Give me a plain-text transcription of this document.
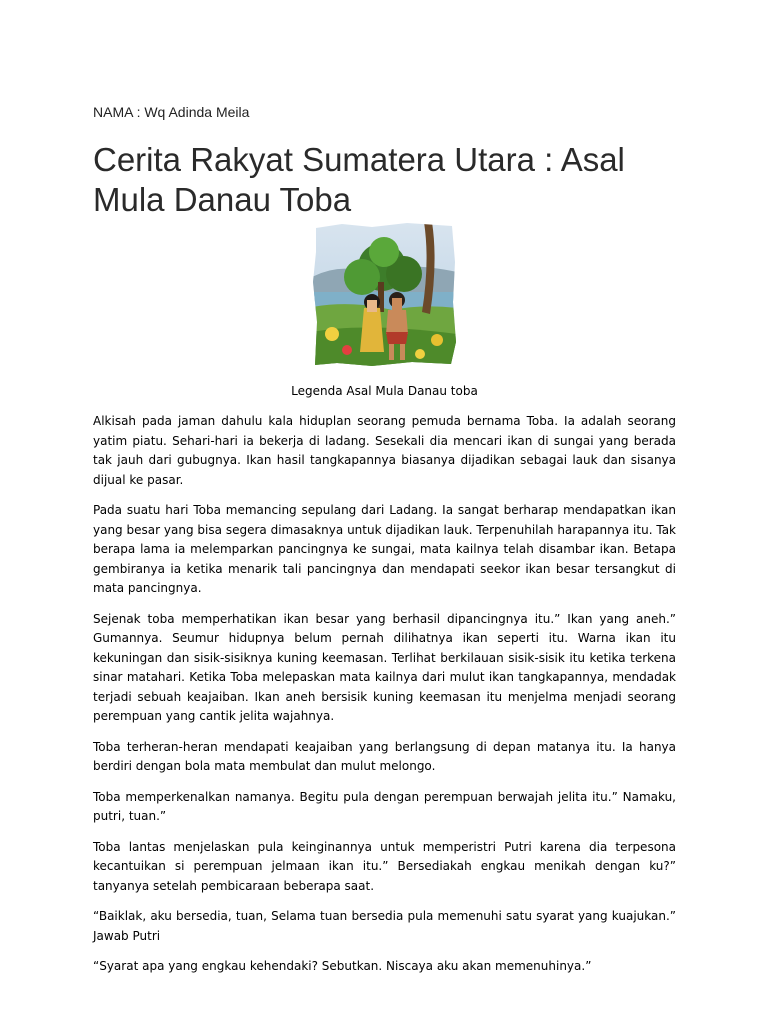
NAMA : Wq Adinda Meila
Cerita Rakyat Sumatera Utara : Asal Mula Danau Toba
Legenda Asal Mula Danau toba

Alkisah pada jaman dahulu kala hiduplan seorang pemuda bernama Toba. Ia adalah seorang yatim piatu. Sehari-hari ia bekerja di ladang. Sesekali dia mencari ikan di sungai yang berada tak jauh dari gubugnya. Ikan hasil tangkapannya biasanya dijadikan sebagai lauk dan sisanya dijual ke pasar.

Pada suatu hari Toba memancing sepulang dari Ladang. Ia sangat berharap mendapatkan ikan yang besar yang bisa segera dimasaknya untuk dijadikan lauk. Terpenuhilah harapannya itu. Tak berapa lama ia melemparkan pancingnya ke sungai, mata kailnya telah disambar ikan. Betapa gembiranya ia ketika menarik tali pancingnya dan mendapati seekor ikan besar tersangkut di mata pancingnya.

Sejenak toba memperhatikan ikan besar yang berhasil dipancingnya itu.” Ikan yang aneh.” Gumannya. Seumur hidupnya belum pernah dilihatnya ikan seperti itu. Warna ikan itu kekuningan dan sisik-sisiknya kuning keemasan. Terlihat berkilauan sisik-sisik itu ketika terkena sinar matahari. Ketika Toba melepaskan mata kailnya dari mulut ikan tangkapannya, mendadak terjadi sebuah keajaiban. Ikan aneh bersisik kuning keemasan itu menjelma menjadi seorang perempuan yang cantik jelita wajahnya.

Toba terheran-heran mendapati keajaiban yang berlangsung di depan matanya itu. Ia hanya berdiri dengan bola mata membulat dan mulut melongo.

Toba memperkenalkan namanya. Begitu pula dengan perempuan berwajah jelita itu.” Namaku, putri, tuan.”

Toba lantas menjelaskan pula keinginannya untuk memperistri Putri karena dia terpesona kecantuikan si perempuan jelmaan ikan itu.” Bersediakah engkau menikah dengan ku?” tanyanya setelah pembicaraan beberapa saat.

“Baiklak, aku bersedia, tuan, Selama tuan bersedia pula memenuhi satu syarat yang kuajukan.” Jawab Putri

“Syarat apa yang engkau kehendaki? Sebutkan. Niscaya aku akan memenuhinya.”
